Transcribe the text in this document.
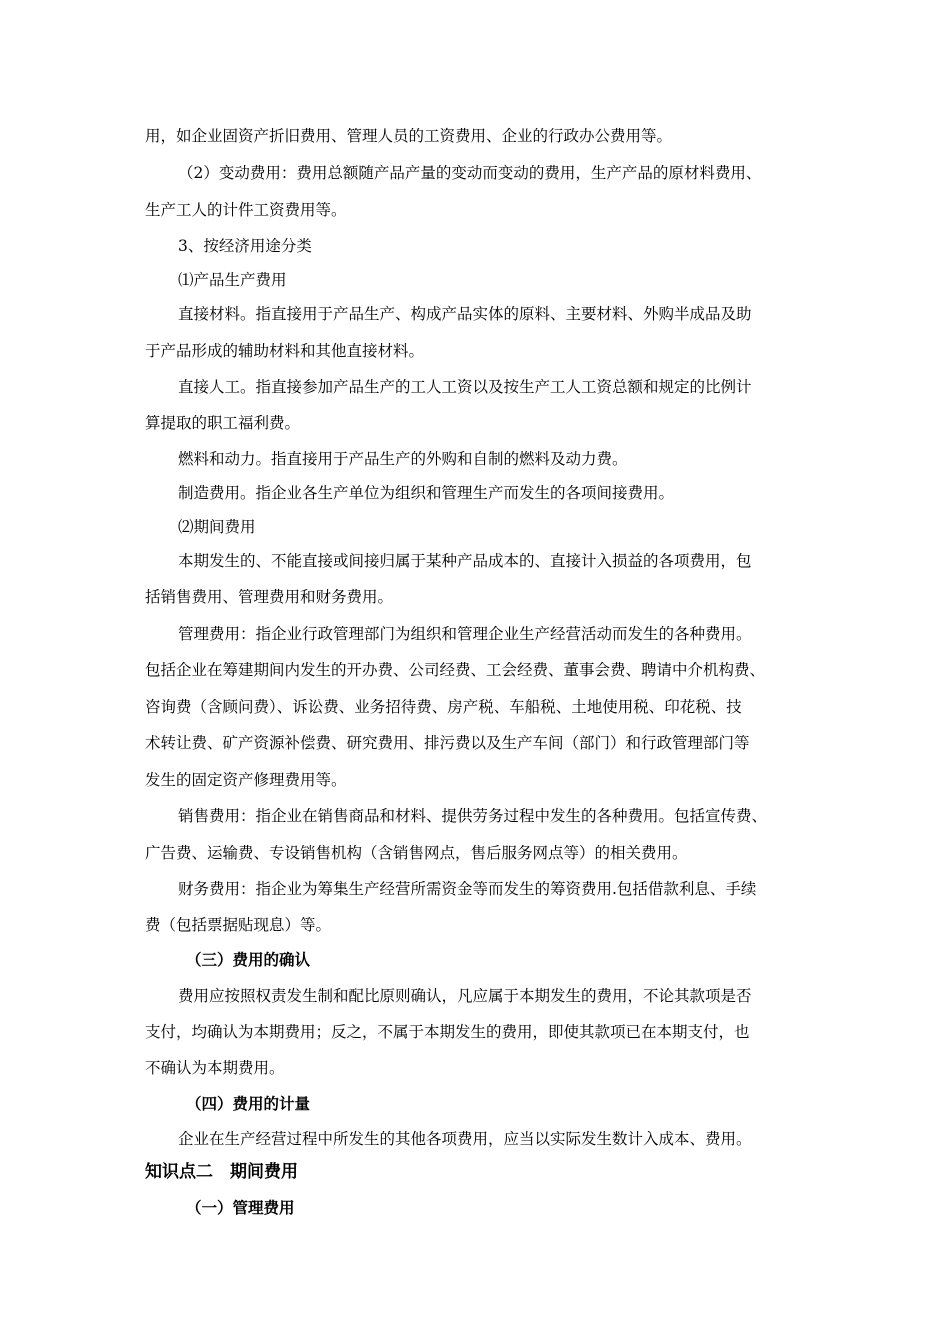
用，如企业固资产折旧费用、管理人员的工资费用、企业的行政办公费用等。

（2）变动费用：费用总额随产品产量的变动而变动的费用，生产产品的原材料费用、

生产工人的计件工资费用等。

3、按经济用途分类

⑴产品生产费用

直接材料。指直接用于产品生产、构成产品实体的原料、主要材料、外购半成品及助

于产品形成的辅助材料和其他直接材料。

直接人工。指直接参加产品生产的工人工资以及按生产工人工资总额和规定的比例计

算提取的职工福利费。

燃料和动力。指直接用于产品生产的外购和自制的燃料及动力费。

制造费用。指企业各生产单位为组织和管理生产而发生的各项间接费用。

⑵期间费用

本期发生的、不能直接或间接归属于某种产品成本的、直接计入损益的各项费用，包

括销售费用、管理费用和财务费用。

管理费用：指企业行政管理部门为组织和管理企业生产经营活动而发生的各种费用。

包括企业在筹建期间内发生的开办费、公司经费、工会经费、董事会费、聘请中介机构费、

咨询费（含顾问费）、诉讼费、业务招待费、房产税、车船税、土地使用税、印花税、技

术转让费、矿产资源补偿费、研究费用、排污费以及生产车间（部门）和行政管理部门等

发生的固定资产修理费用等。

销售费用：指企业在销售商品和材料、提供劳务过程中发生的各种费用。包括宣传费、

广告费、运输费、专设销售机构（含销售网点，售后服务网点等）的相关费用。

财务费用：指企业为筹集生产经营所需资金等而发生的筹资费用.包括借款利息、手续

费（包括票据贴现息）等。

（三）费用的确认

费用应按照权责发生制和配比原则确认，凡应属于本期发生的费用，不论其款项是否

支付，均确认为本期费用；反之，不属于本期发生的费用，即使其款项已在本期支付，也

不确认为本期费用。

（四）费用的计量

企业在生产经营过程中所发生的其他各项费用，应当以实际发生数计入成本、费用。

知识点二　期间费用

（一）管理费用
